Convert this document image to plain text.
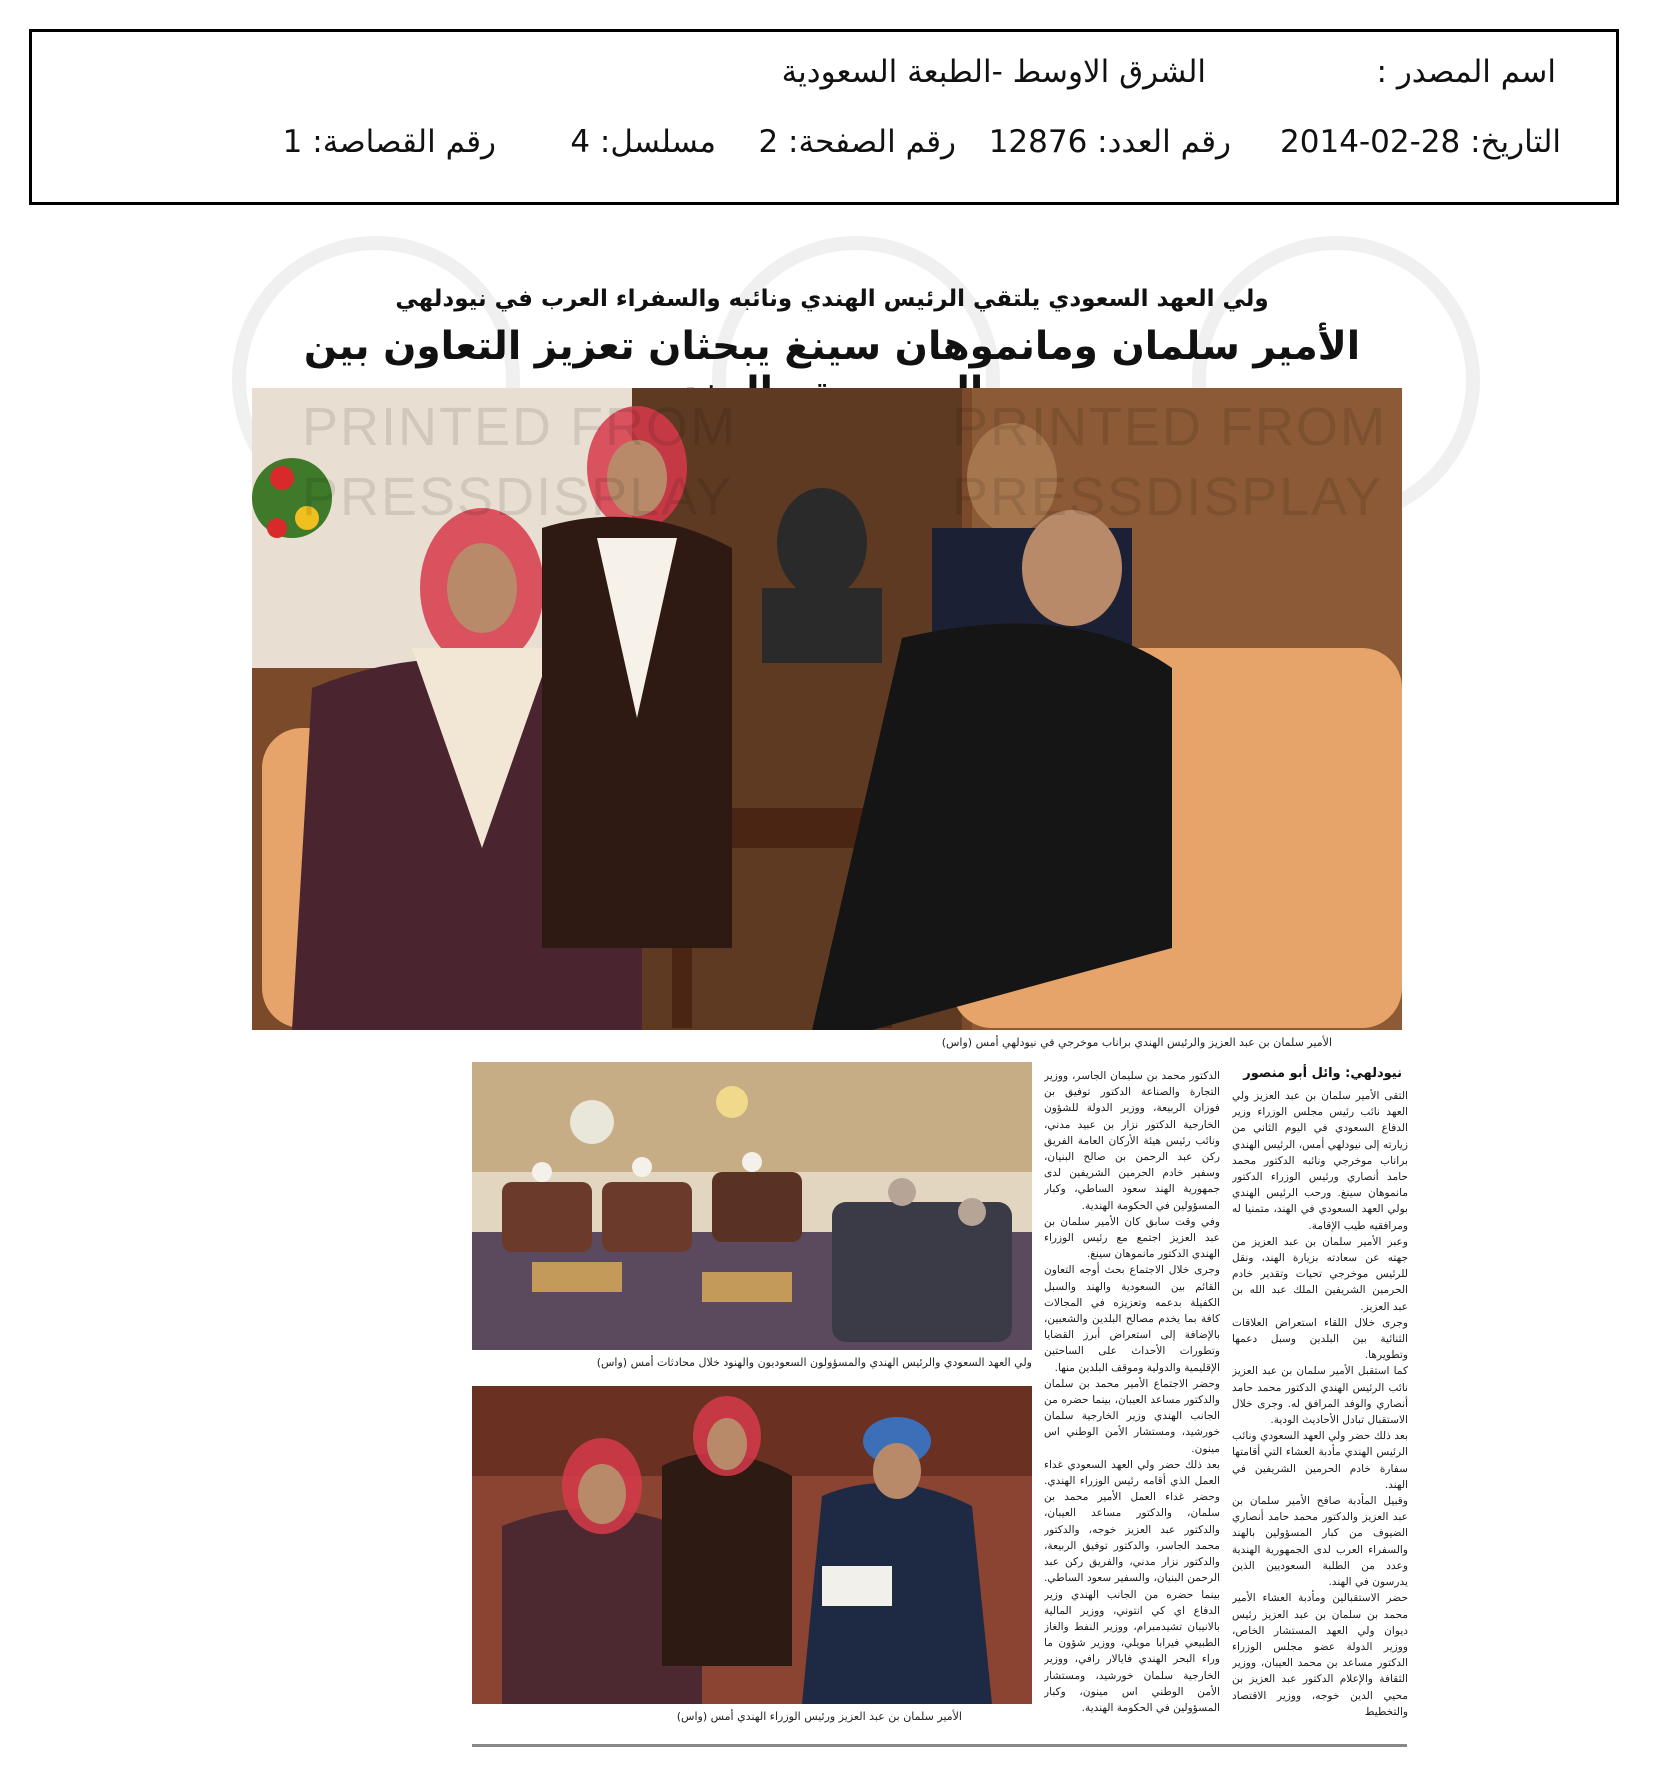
اسم المصدر :
الشرق الاوسط -الطبعة السعودية
التاريخ: 28-02-2014
رقم العدد: 12876
رقم الصفحة: 2
مسلسل: 4
رقم القصاصة: 1
ولي العهد السعودي يلتقي الرئيس الهندي ونائبه والسفراء العرب في نيودلهي
الأمير سلمان ومانموهان سينغ يبحثان تعزيز التعاون بين
الأمير سلمان بن عبد العزيز والرئيس الهندي براناب موخرجي في نيودلهي أمس (واس)
ولي العهد السعودي والرئيس الهندي والمسؤولون السعوديون والهنود خلال محادثات أمس (واس)
الأمير سلمان بن عبد العزيز ورئيس الوزراء الهندي أمس (واس)
نيودلهي: وائل أبو منصور

التقى الأمير سلمان بن عبد العزيز ولي العهد نائب رئيس مجلس الوزراء وزير الدفاع السعودي في اليوم الثاني من زيارته إلى نيودلهي أمس، الرئيس الهندي براناب موخرجي ونائبه الدكتور محمد حامد أنصاري ورئيس الوزراء الدكتور مانموهان سينغ. ورحب الرئيس الهندي بولي العهد السعودي في الهند، متمنيا له ومرافقيه طيب الإقامة.

وعبر الأمير سلمان بن عبد العزيز من جهته عن سعادته بزيارة الهند، ونقل للرئيس موخرجي تحيات وتقدير خادم الحرمين الشريفين الملك عبد الله بن عبد العزيز.

وجرى خلال اللقاء استعراض العلاقات الثنائية بين البلدين وسبل دعمها وتطويرها.

كما استقبل الأمير سلمان بن عبد العزيز نائب الرئيس الهندي الدكتور محمد حامد أنصاري والوفد المرافق له. وجرى خلال الاستقبال تبادل الأحاديث الودية.

بعد ذلك حضر ولي العهد السعودي ونائب الرئيس الهندي مأدبة العشاء التي أقامتها سفارة خادم الحرمين الشريفين في الهند.

وقبيل المأدبة صافح الأمير سلمان بن عبد العزيز والدكتور محمد حامد أنصاري الضيوف من كبار المسؤولين بالهند والسفراء العرب لدى الجمهورية الهندية وعدد من الطلبة السعوديين الذين يدرسون في الهند.

حضر الاستقبالين ومأدبة العشاء الأمير محمد بن سلمان بن عبد العزيز رئيس ديوان ولي العهد المستشار الخاص، ووزير الدولة عضو مجلس الوزراء الدكتور مساعد بن محمد العيبان، ووزير الثقافة والإعلام الدكتور عبد العزيز بن محيي الدين خوجه، ووزير الاقتصاد والتخطيط

الدكتور محمد بن سليمان الجاسر، ووزير التجارة والصناعة الدكتور توفيق بن فوزان الربيعة، ووزير الدولة للشؤون الخارجية الدكتور نزار بن عبيد مدني، ونائب رئيس هيئة الأركان العامة الفريق ركن عبد الرحمن بن صالح البنيان، وسفير خادم الحرمين الشريفين لدى جمهورية الهند سعود الساطي، وكبار المسؤولين في الحكومة الهندية.

وفي وقت سابق كان الأمير سلمان بن عبد العزيز اجتمع مع رئيس الوزراء الهندي الدكتور مانموهان سينغ.

وجرى خلال الاجتماع بحث أوجه التعاون القائم بين السعودية والهند والسبل الكفيلة بدعمه وتعزيزه في المجالات كافة بما يخدم مصالح البلدين والشعبين، بالإضافة إلى استعراض أبرز القضايا وتطورات الأحداث على الساحتين الإقليمية والدولية وموقف البلدين منها.

وحضر الاجتماع الأمير محمد بن سلمان والدكتور مساعد العيبان، بينما حضره من الجانب الهندي وزير الخارجية سلمان خورشيد، ومستشار الأمن الوطني اس مينون.

بعد ذلك حضر ولي العهد السعودي غداء العمل الذي أقامه رئيس الوزراء الهندي. وحضر غداء العمل الأمير محمد بن سلمان، والدكتور مساعد العيبان، والدكتور عبد العزيز خوجه، والدكتور محمد الجاسر، والدكتور توفيق الربيعة، والدكتور نزار مدني، والفريق ركن عبد الرحمن البنيان، والسفير سعود الساطي. بينما حضره من الجانب الهندي وزير الدفاع اي كي انتوني، ووزير المالية بالانيبان تشيدمبرام، ووزير النفط والغاز الطبيعي فيرابا مويلي، ووزير شؤون ما وراء البحر الهندي فايالار رافي، ووزير الخارجية سلمان خورشيد، ومستشار الأمن الوطني اس مينون، وكبار المسؤولين في الحكومة الهندية.

PRINTED FROM
PRESSDISPLAY
PRINTED FROM
PRESSDISPLAY
